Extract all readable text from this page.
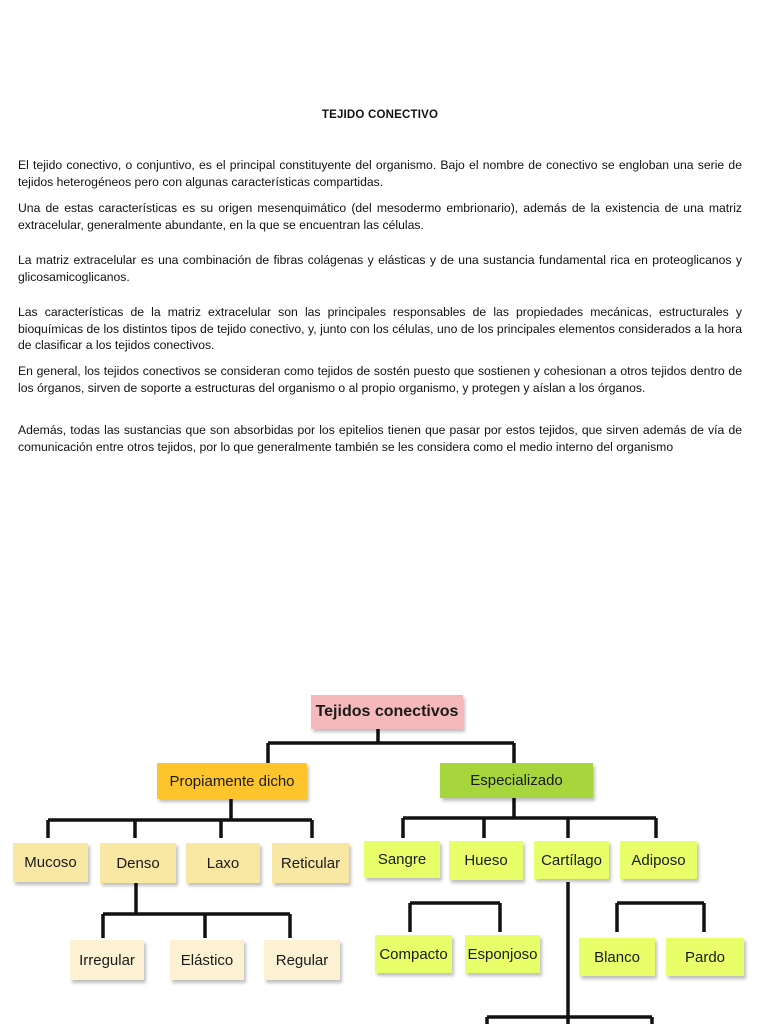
TEJIDO CONECTIVO

El tejido conectivo, o conjuntivo, es el principal constituyente del organismo. Bajo el nombre de conectivo se engloban una serie de tejidos heterogéneos pero con algunas características compartidas.

Una de estas características es su origen mesenquimático (del mesodermo embrionario), además de la existencia de una matriz extracelular, generalmente abundante, en la que se encuentran las células.

La matriz extracelular es una combinación de fibras colágenas y elásticas y de una sustancia fundamental rica en proteoglicanos y glicosamicoglicanos.

Las características de la matriz extracelular son las principales responsables de las propiedades mecánicas, estructurales y bioquímicas de los distintos tipos de tejido conectivo, y, junto con los células, uno de los principales elementos considerados a la hora de clasificar a los tejidos conectivos.

En general, los tejidos conectivos se consideran como tejidos de sostén puesto que sostienen y cohesionan a otros tejidos dentro de los órganos, sirven de soporte a estructuras del organismo o al propio organismo, y protegen y aíslan a los órganos.

Además, todas las sustancias que son absorbidas por los epitelios tienen que pasar por estos tejidos, que sirven además de vía de comunicación entre otros tejidos, por lo que generalmente también se les considera como el medio interno del organismo

Tejidos conectivos
Propiamente dicho	Especializado
Mucoso	Denso	Laxo	Reticular
Irregular	Elástico	Regular
Sangre	Hueso	Cartílago	Adiposo
Compacto Esponjoso	Blanco	Pardo
